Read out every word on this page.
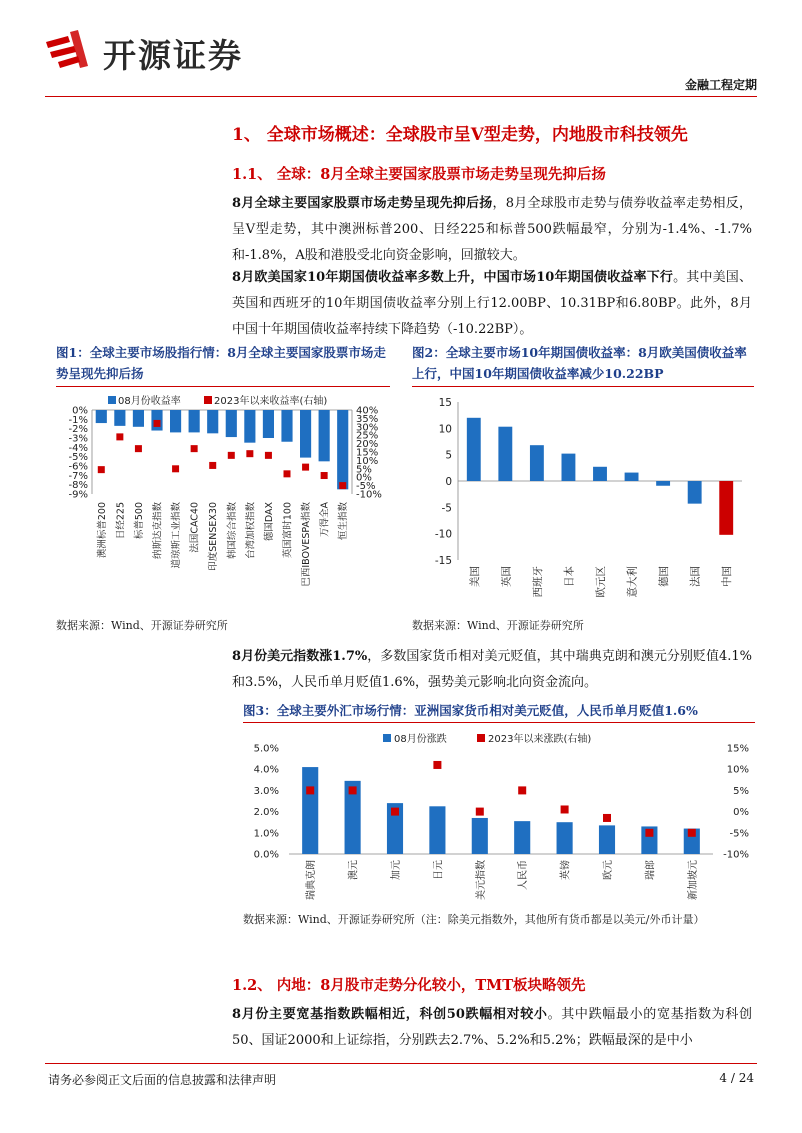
开源证券
金融工程定期
1、 全球市场概述：全球股市呈V型走势，内地股市科技领先
1.1、 全球：8月全球主要国家股票市场走势呈现先抑后扬
8月全球主要国家股票市场走势呈现先抑后扬，8月全球股市走势与债券收益率走势相反，呈V型走势，其中澳洲标普200、日经225和标普500跌幅最窄，分别为-1.4%、-1.7%和-1.8%，A股和港股受北向资金影响，回撤较大。
8月欧美国家10年期国债收益率多数上升，中国市场10年期国债收益率下行。其中美国、英国和西班牙的10年期国债收益率分别上行12.00BP、10.31BP和6.80BP。此外，8月中国十年期国债收益率持续下降趋势（-10.22BP）。
图1：全球主要市场股指行情：8月全球主要国家股票市场走势呈现先抑后扬
08月份收益率	2023年以来收益率(右轴)
0%
-1%
-2%
-3%
-4%
-5%
-6%
-7%
-8%
-9%
40%
35%
30%
25%
20%
15%
10%
5%
0%
-5%
-10%
澳洲标普200 日经225 标普500 纳斯达克指数 道琼斯工业指数 法国CAC40 印度SENSEX30 韩国综合指数 台湾加权指数 德国DAX 英国富时100 巴西IBOVESPA指数 万得全A 恒生指数
数据来源：Wind、开源证券研究所
图2：全球主要市场10年期国债收益率：8月欧美国债收益率上行，中国10年期国债收益率减少10.22BP
15
10
5
0
-5
-10
-15
美国 英国 西班牙 日本 欧元区 意大利 德国 法国 中国
数据来源：Wind、开源证券研究所
8月份美元指数涨1.7%，多数国家货币相对美元贬值，其中瑞典克朗和澳元分别贬值4.1%和3.5%，人民币单月贬值1.6%，强势美元影响北向资金流向。
图3：全球主要外汇市场行情：亚洲国家货币相对美元贬值，人民币单月贬值1.6%
08月份涨跌	2023年以来涨跌(右轴)
5.0%
4.0%
3.0%
2.0%
1.0%
0.0%
15%
10%
5%
0%
-5%
-10%
瑞典克朗	澳元	加元	日元	美元指数	人民币	英镑	欧元	瑞郎	新加坡元
数据来源：Wind、开源证券研究所（注：除美元指数外，其他所有货币都是以美元/外币计量）
1.2、 内地：8月股市走势分化较小，TMT板块略领先
8月份主要宽基指数跌幅相近，科创50跌幅相对较小。其中跌幅最小的宽基指数为科创50、国证2000和上证综指，分别跌去2.7%、5.2%和5.2%；跌幅最深的是中小
请务必参阅正文后面的信息披露和法律声明	4 / 24
